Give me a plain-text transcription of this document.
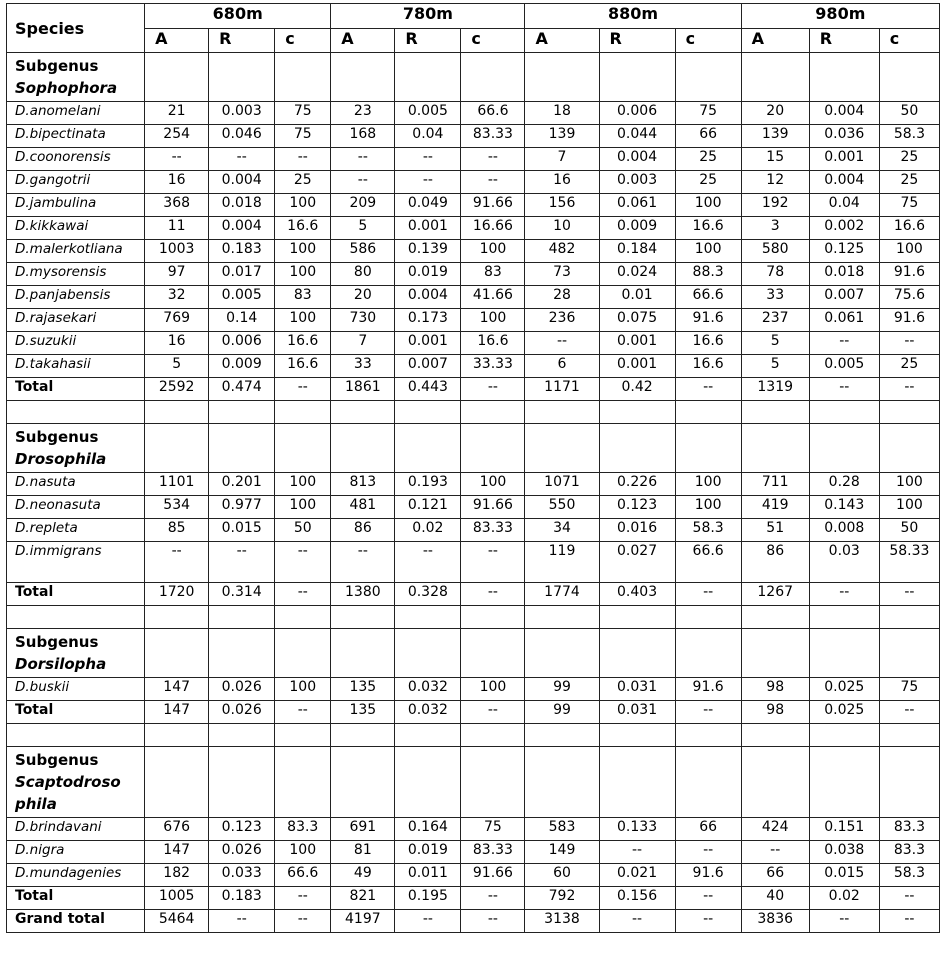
Species	680m			780m			880m			980m		
	A	R	c	A	R	c	A	R	c	A	R	c

Subgenus
Sophophora												

D.anomelani	21	0.003	75	23	0.005	66.6	18	0.006	75	20	0.004	50
D.bipectinata	254	0.046	75	168	0.04	83.33	139	0.044	66	139	0.036	58.3
D.coonorensis	--	--	--	--	--	--	7	0.004	25	15	0.001	25
D.gangotrii	16	0.004	25	--	--	--	16	0.003	25	12	0.004	25
D.jambulina	368	0.018	100	209	0.049	91.66	156	0.061	100	192	0.04	75
D.kikkawai	11	0.004	16.6	5	0.001	16.66	10	0.009	16.6	3	0.002	16.6
D.malerkotliana	1003	0.183	100	586	0.139	100	482	0.184	100	580	0.125	100
D.mysorensis	97	0.017	100	80	0.019	83	73	0.024	88.3	78	0.018	91.6
D.panjabensis	32	0.005	83	20	0.004	41.66	28	0.01	66.6	33	0.007	75.6
D.rajasekari	769	0.14	100	730	0.173	100	236	0.075	91.6	237	0.061	91.6
D.suzukii	16	0.006	16.6	7	0.001	16.6	--	0.001	16.6	5	--	--
D.takahasii	5	0.009	16.6	33	0.007	33.33	6	0.001	16.6	5	0.005	25
Total	2592	0.474	--	1861	0.443	--	1171	0.42	--	1319	--	--

Subgenus
Drosophila												

D.nasuta	1101	0.201	100	813	0.193	100	1071	0.226	100	711	0.28	100
D.neonasuta	534	0.977	100	481	0.121	91.66	550	0.123	100	419	0.143	100
D.repleta	85	0.015	50	86	0.02	83.33	34	0.016	58.3	51	0.008	50
D.immigrans	--	--	--	--	--	--	119	0.027	66.6	86	0.03	58.33
Total	1720	0.314	--	1380	0.328	--	1774	0.403	--	1267	--	--

Subgenus
Dorsilopha												

D.buskii	147	0.026	100	135	0.032	100	99	0.031	91.6	98	0.025	75
Total	147	0.026	--	135	0.032	--	99	0.031	--	98	0.025	--

Subgenus
Scaptodrosophila												

D.brindavani	676	0.123	83.3	691	0.164	75	583	0.133	66	424	0.151	83.3
D.nigra	147	0.026	100	81	0.019	83.33	149	--	--	--	0.038	83.3
D.mundagenies	182	0.033	66.6	49	0.011	91.66	60	0.021	91.6	66	0.015	58.3
Total	1005	0.183	--	821	0.195	--	792	0.156	--	40	0.02	--
Grand total	5464	--	--	4197	--	--	3138	--	--	3836	--	--
